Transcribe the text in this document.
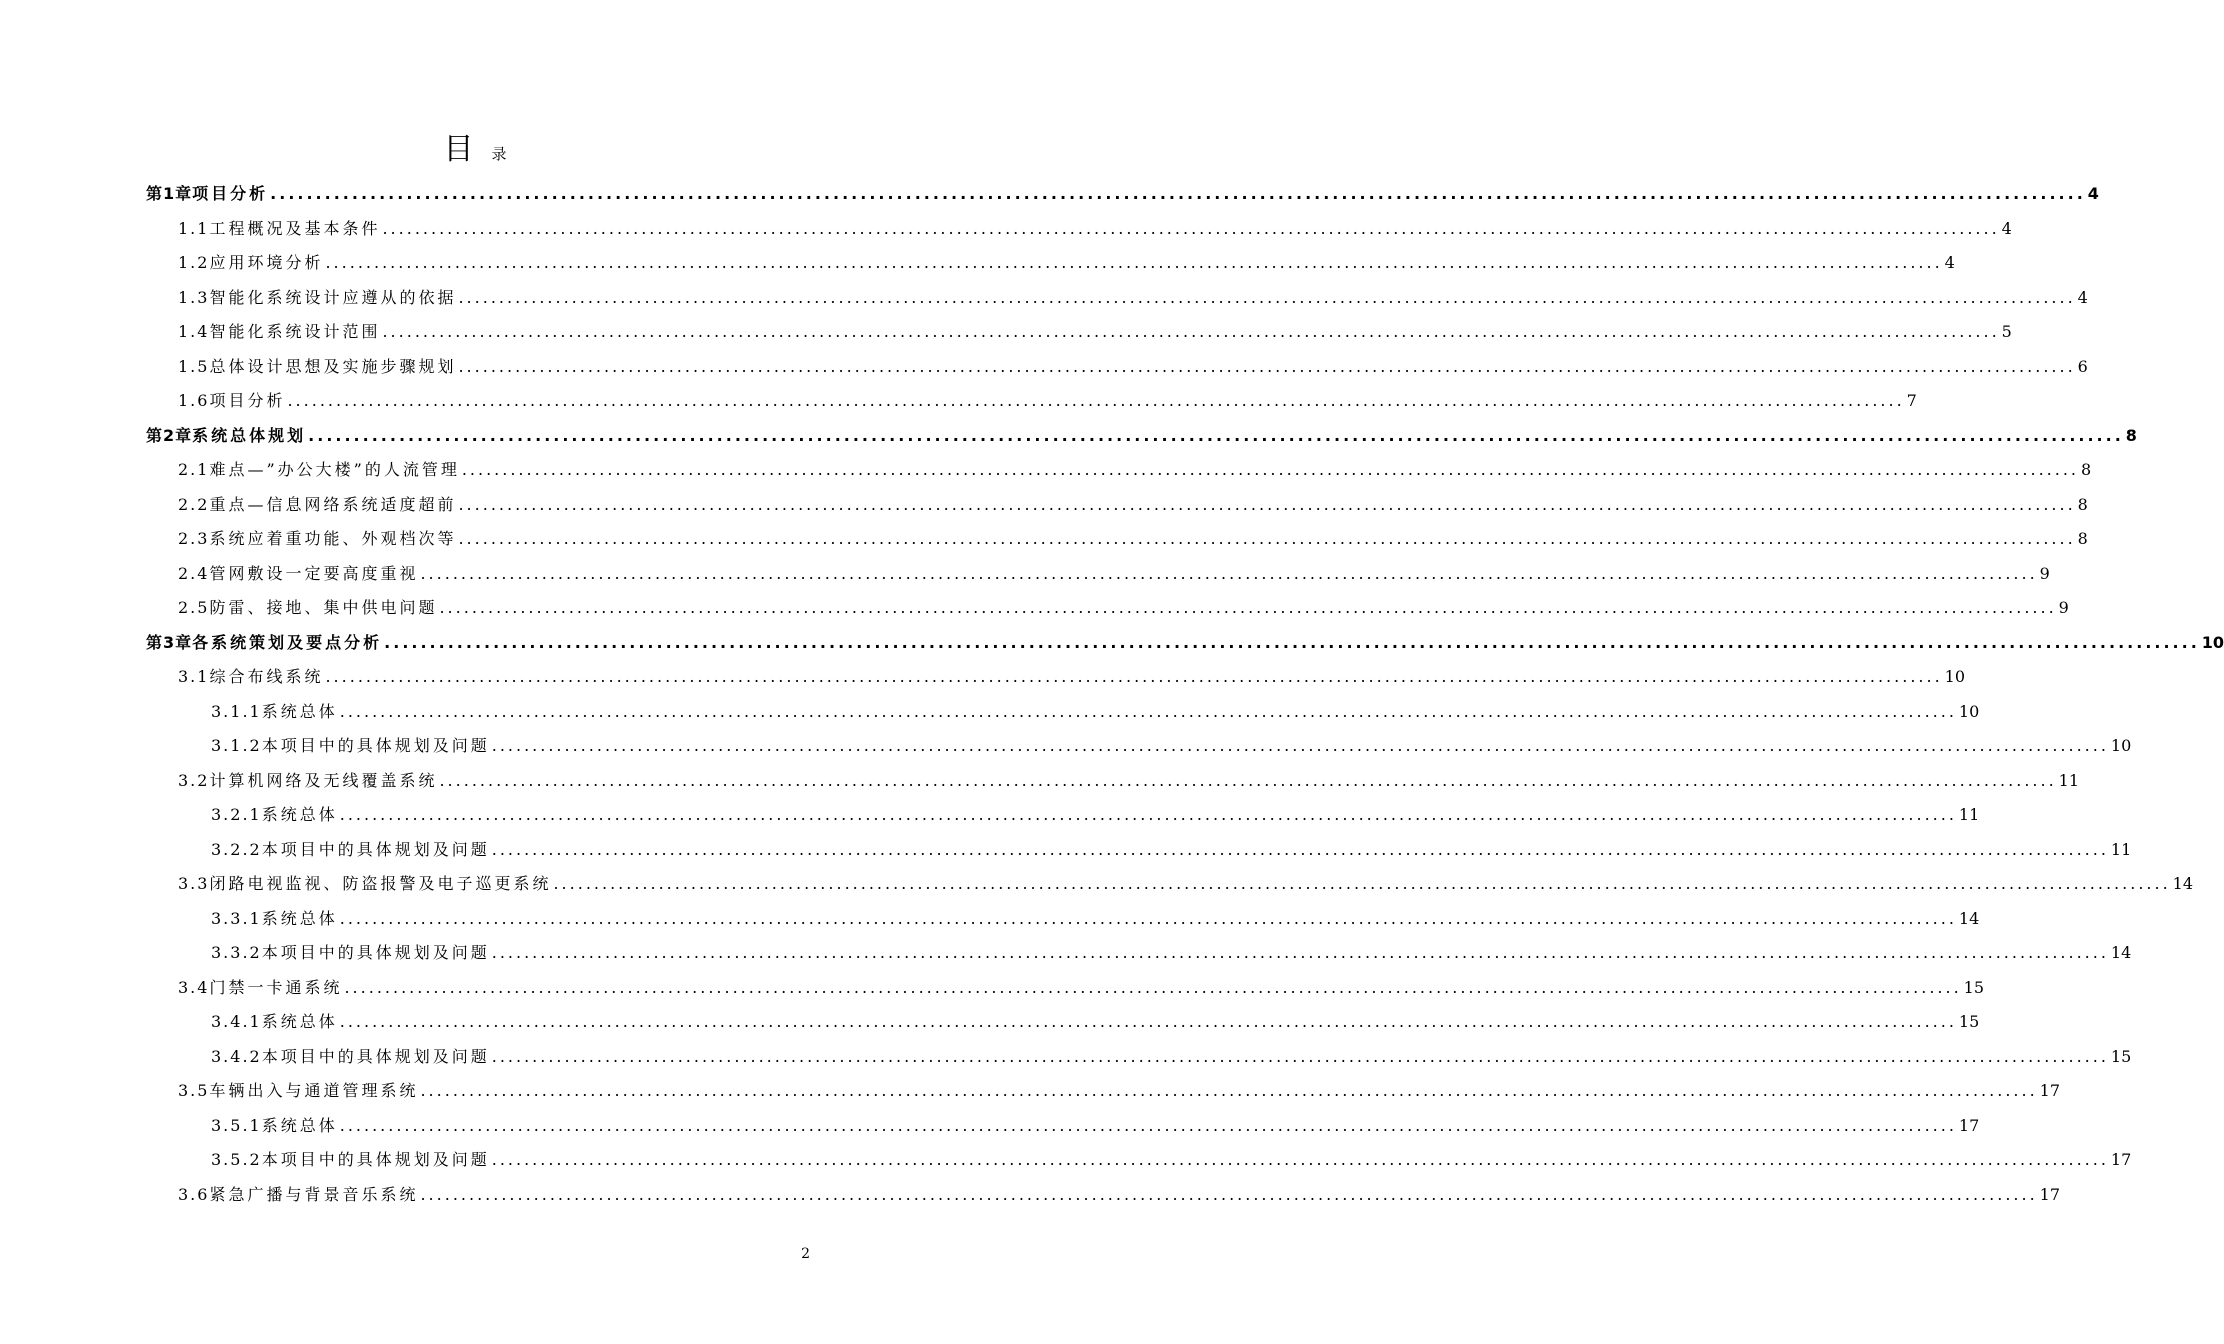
目 录
第1章 项目分析 ........................................................................................................................................................................................................ 4
1.1 工程概况及基本条件 ........................................................................................................................................................................................................ 4
1.2 应用环境分析 ........................................................................................................................................................................................................ 4
1.3 智能化系统设计应遵从的依据 ........................................................................................................................................................................................................ 4
1.4 智能化系统设计范围 ........................................................................................................................................................................................................ 5
1.5 总体设计思想及实施步骤规划 ........................................................................................................................................................................................................ 6
1.6 项目分析 ........................................................................................................................................................................................................ 7
第2章 系统总体规划 ........................................................................................................................................................................................................ 8
2.1 难点—”办公大楼”的人流管理 ........................................................................................................................................................................................................ 8
2.2 重点—信息网络系统适度超前 ........................................................................................................................................................................................................ 8
2.3 系统应着重功能、外观档次等 ........................................................................................................................................................................................................ 8
2.4 管网敷设一定要高度重视 ........................................................................................................................................................................................................ 9
2.5 防雷、接地、集中供电问题 ........................................................................................................................................................................................................ 9
第3章 各系统策划及要点分析 ........................................................................................................................................................................................................ 10
3.1 综合布线系统 ........................................................................................................................................................................................................ 10
3.1.1 系统总体 ........................................................................................................................................................................................................ 10
3.1.2 本项目中的具体规划及问题 ........................................................................................................................................................................................................ 10
3.2 计算机网络及无线覆盖系统 ........................................................................................................................................................................................................ 11
3.2.1 系统总体 ........................................................................................................................................................................................................ 11
3.2.2 本项目中的具体规划及问题 ........................................................................................................................................................................................................ 11
3.3 闭路电视监视、防盗报警及电子巡更系统 ........................................................................................................................................................................................................ 14
3.3.1 系统总体 ........................................................................................................................................................................................................ 14
3.3.2 本项目中的具体规划及问题 ........................................................................................................................................................................................................ 14
3.4 门禁一卡通系统 ........................................................................................................................................................................................................ 15
3.4.1 系统总体 ........................................................................................................................................................................................................ 15
3.4.2 本项目中的具体规划及问题 ........................................................................................................................................................................................................ 15
3.5 车辆出入与通道管理系统 ........................................................................................................................................................................................................ 17
3.5.1 系统总体 ........................................................................................................................................................................................................ 17
3.5.2 本项目中的具体规划及问题 ........................................................................................................................................................................................................ 17
3.6 紧急广播与背景音乐系统 ........................................................................................................................................................................................................ 17
2
